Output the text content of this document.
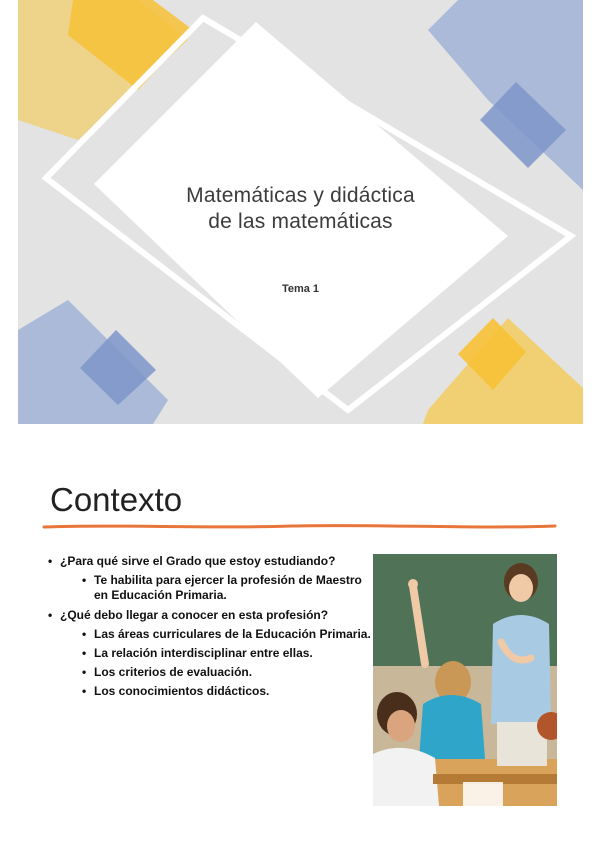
Matemáticas y didáctica
de las matemáticas
Tema 1
Contexto
• ¿Para qué sirve el Grado que estoy estudiando?
• Te habilita para ejercer la profesión de Maestro en Educación Primaria.
• ¿Qué debo llegar a conocer en esta profesión?
• Las áreas curriculares de la Educación Primaria.
• La relación interdisciplinar entre ellas.
• Los criterios de evaluación.
• Los conocimientos didácticos.
